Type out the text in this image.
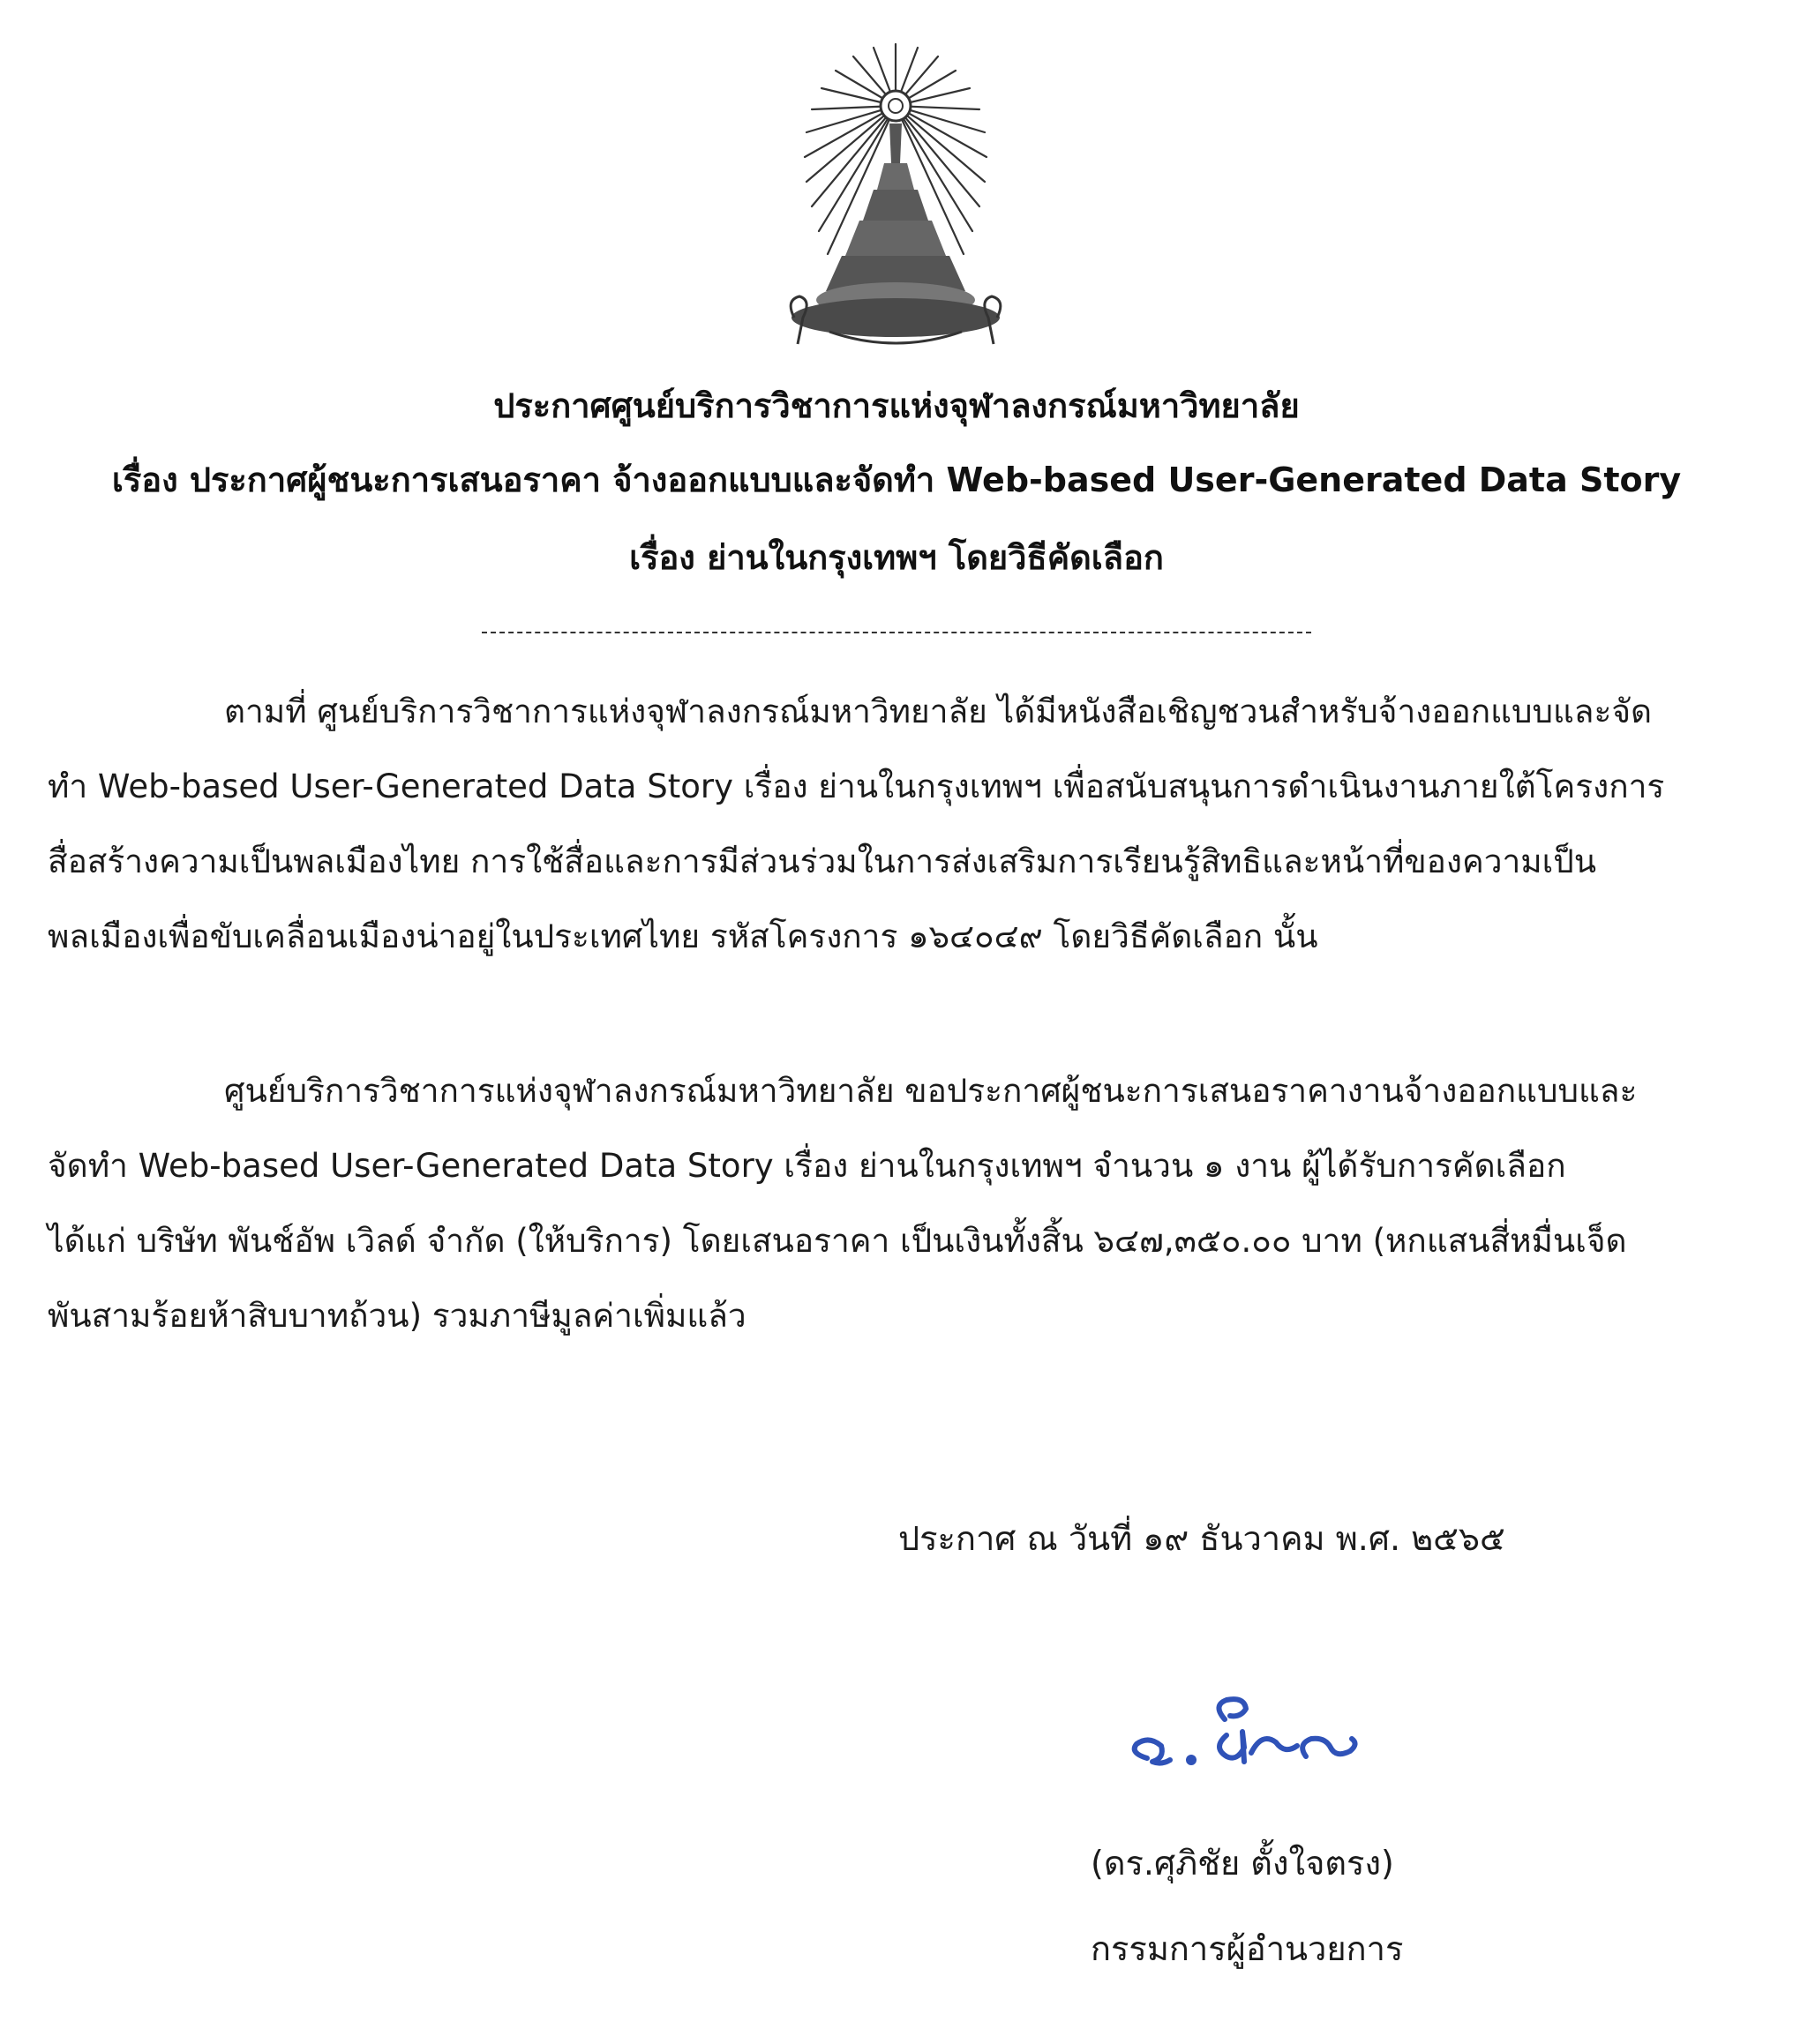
ประกาศศูนย์บริการวิชาการแห่งจุฬาลงกรณ์มหาวิทยาลัย
เรื่อง ประกาศผู้ชนะการเสนอราคา จ้างออกแบบและจัดทำ Web-based User-Generated Data Story
เรื่อง ย่านในกรุงเทพฯ โดยวิธีคัดเลือก
ตามที่ ศูนย์บริการวิชาการแห่งจุฬาลงกรณ์มหาวิทยาลัย ได้มีหนังสือเชิญชวนสำหรับจ้างออกแบบและจัด
ทำ Web-based User-Generated Data Story เรื่อง ย่านในกรุงเทพฯ เพื่อสนับสนุนการดำเนินงานภายใต้โครงการ
สื่อสร้างความเป็นพลเมืองไทย การใช้สื่อและการมีส่วนร่วมในการส่งเสริมการเรียนรู้สิทธิและหน้าที่ของความเป็น
พลเมืองเพื่อขับเคลื่อนเมืองน่าอยู่ในประเทศไทย รหัสโครงการ ๑๖๔๐๔๙ โดยวิธีคัดเลือก นั้น
ศูนย์บริการวิชาการแห่งจุฬาลงกรณ์มหาวิทยาลัย ขอประกาศผู้ชนะการเสนอราคางานจ้างออกแบบและ
จัดทำ Web-based User-Generated Data Story เรื่อง ย่านในกรุงเทพฯ จำนวน ๑ งาน ผู้ได้รับการคัดเลือก
ได้แก่ บริษัท พันช์อัพ เวิลด์ จำกัด (ให้บริการ) โดยเสนอราคา เป็นเงินทั้งสิ้น ๖๔๗,๓๕๐.๐๐ บาท (หกแสนสี่หมื่นเจ็ด
พันสามร้อยห้าสิบบาทถ้วน) รวมภาษีมูลค่าเพิ่มแล้ว
ประกาศ ณ วันที่ ๑๙ ธันวาคม พ.ศ. ๒๕๖๕
(ดร.ศุภิชัย ตั้งใจตรง)
กรรมการผู้อำนวยการ
